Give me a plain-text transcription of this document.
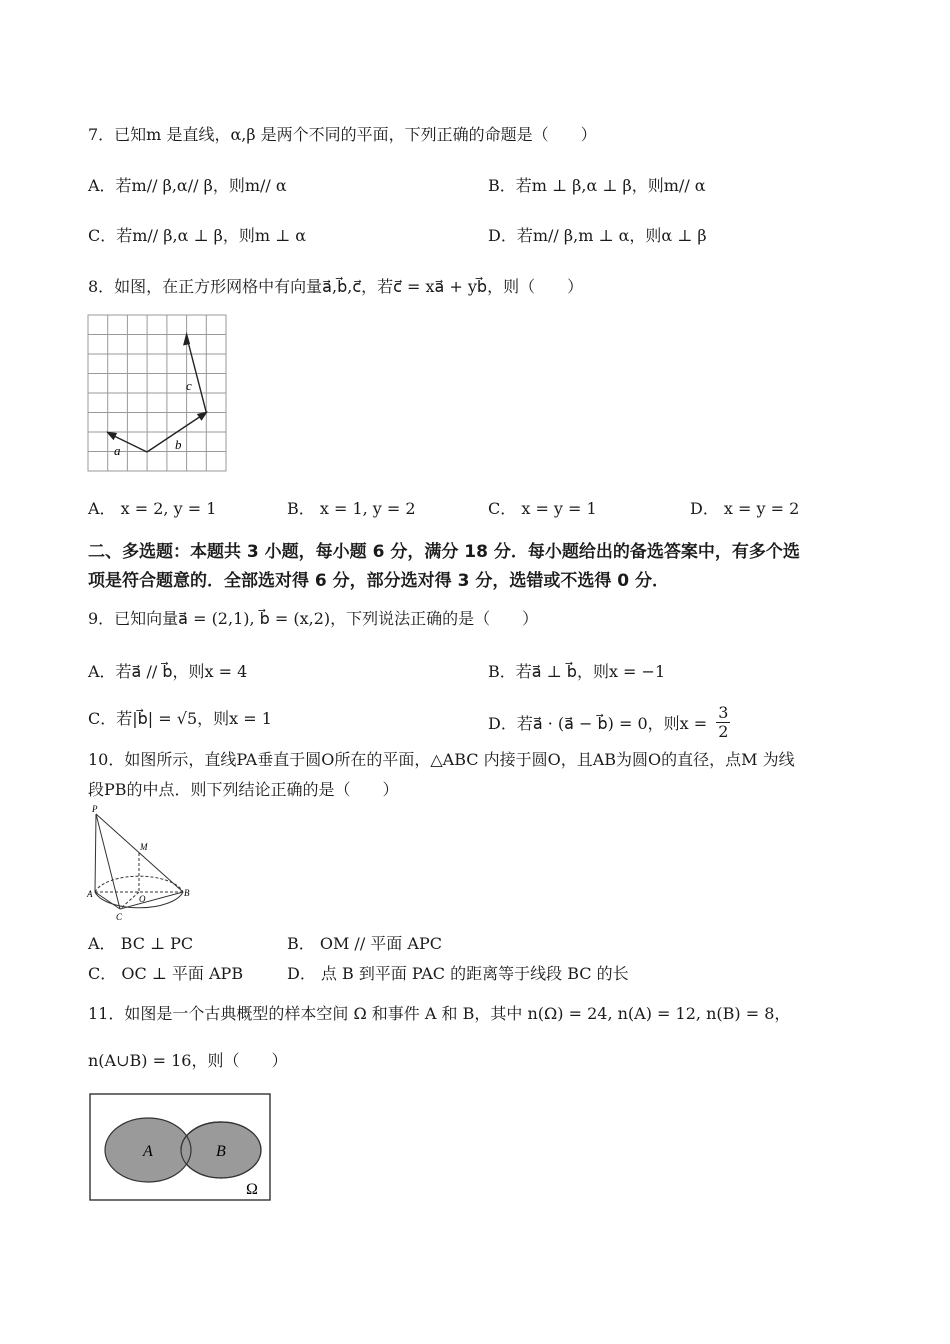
7．已知m 是直线，α,β 是两个不同的平面，下列正确的命题是（　　）
A．若m// β,α// β，则m// α	B．若m ⊥ β,α ⊥ β，则m// α
C．若m// β,α ⊥ β，则m ⊥ α	D．若m// β,m ⊥ α，则α ⊥ β
8．如图，在正方形网格中有向量a⃗,b⃗,c⃗，若c⃗ = xa⃗ + yb⃗，则（　　）
a⃗	b⃗
c⃗
A． x = 2, y = 1	B． x = 1, y = 2	C． x = y = 1	D． x = y = 2
二、多选题：本题共 3 小题，每小题 6 分，满分 18 分．每小题给出的备选答案中，有多个选
项是符合题意的．全部选对得 6 分，部分选对得 3 分，选错或不选得 0 分．
9．已知向量a⃗ = (2,1), b⃗ = (x,2)，下列说法正确的是（　　）
A．若a⃗ // b⃗，则x = 4	B．若a⃗ ⊥ b⃗，则x = −1
C．若|b⃗| = √5，则x = 1	D．若a⃗ · (a⃗ − b⃗) = 0，则$x = \frac{3}{2}$
10．如图所示，直线PA垂直于圆O所在的平面，△ABC 内接于圆O，且AB为圆O的直径，点M 为线
段PB的中点．则下列结论正确的是（　　）
P
M
A	O
B
C
A． BC ⊥ PC	B． OM // 平面 APC
C． OC ⊥ 平面 APB	D． 点 B 到平面 PAC 的距离等于线段 BC 的长
11．如图是一个古典概型的样本空间 Ω 和事件 A 和 B，其中 n(Ω) = 24, n(A) = 12, n(B) = 8，
n(A∪B) = 16，则（　　）
A	B
Ω
